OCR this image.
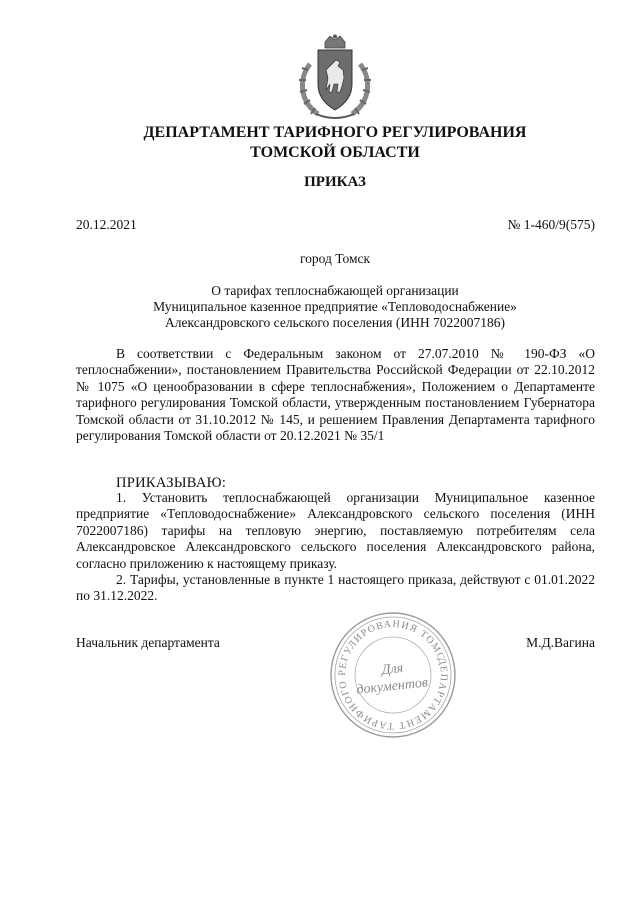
ДЕПАРТАМЕНТ ТАРИФНОГО РЕГУЛИРОВАНИЯ
ТОМСКОЙ ОБЛАСТИ
ПРИКАЗ
20.12.2021	№ 1-460/9(575)
город Томск
О тарифах теплоснабжающей организации
Муниципальное казенное предприятие «Тепловодоснабжение»
Александровского сельского поселения (ИНН 7022007186)
В соответствии с Федеральным законом от 27.07.2010 № 190-ФЗ «О теплоснабжении», постановлением Правительства Российской Федерации от 22.10.2012 № 1075 «О ценообразовании в сфере теплоснабжения», Положением о Департаменте тарифного регулирования Томской области, утвержденным постановлением Губернатора Томской области от 31.10.2012 № 145, и решением Правления Департамента тарифного регулирования Томской области от 20.12.2021 № 35/1
ПРИКАЗЫВАЮ:
1. Установить теплоснабжающей организации Муниципальное казенное предприятие «Тепловодоснабжение» Александровского сельского поселения (ИНН 7022007186) тарифы на тепловую энергию, поставляемую потребителям села Александровское Александровского сельского поселения Александровского района, согласно приложению к настоящему приказу.
2. Тарифы, установленные в пункте 1 настоящего приказа, действуют с 01.01.2022 по 31.12.2022.
Начальник департамента	М.Д.Вагина
ДЕПАРТАМЕНТ ТАРИФНОГО РЕГУЛИРОВАНИЯ ТОМСКОЙ
Для
документов
